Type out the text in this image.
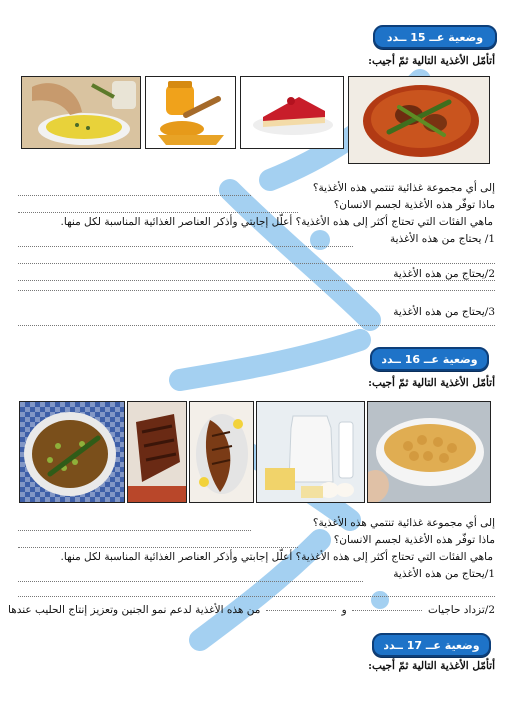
وضعية عــ 15 ــدد
أتأمّل الأغذية التالية ثمّ أجيب:
إلى أي مجموعة غذائية تنتمي هذه الأغذية؟
ماذا توفّر هذه الأغذية لجسم الانسان؟
ماهي الفئات التي تحتاج أكثر إلى هذه الأغذية؟ أعلّل إجابتي وأذكر العناصر الغذائية المناسبة لكل منها.
1/ يحتاج من هذه الأغذية
2/يحتاج من هذه الأغذية
3/يحتاج من هذه الأغذية
وضعية عــ 16 ــدد
أتأمّل الأغذية التالية ثمّ أجيب:
إلى أي مجموعة غذائية تنتمي هذه الأغذية؟
ماذا توفّر هذه الأغذية لجسم الانسان؟
ماهي الفئات التي تحتاج أكثر إلى هذه الأغذية؟ أعلّل إجابتي وأذكر العناصر الغذائية المناسبة لكل منها.
1/يحتاج من هذه الأغذية
2/تزداد حاجيات
و
من هذه الأغذية لدعم نمو الجنين وتعزيز إنتاج الحليب عندها
وضعية عــ 17 ــدد
أتأمّل الأغذية التالية ثمّ أجيب:
